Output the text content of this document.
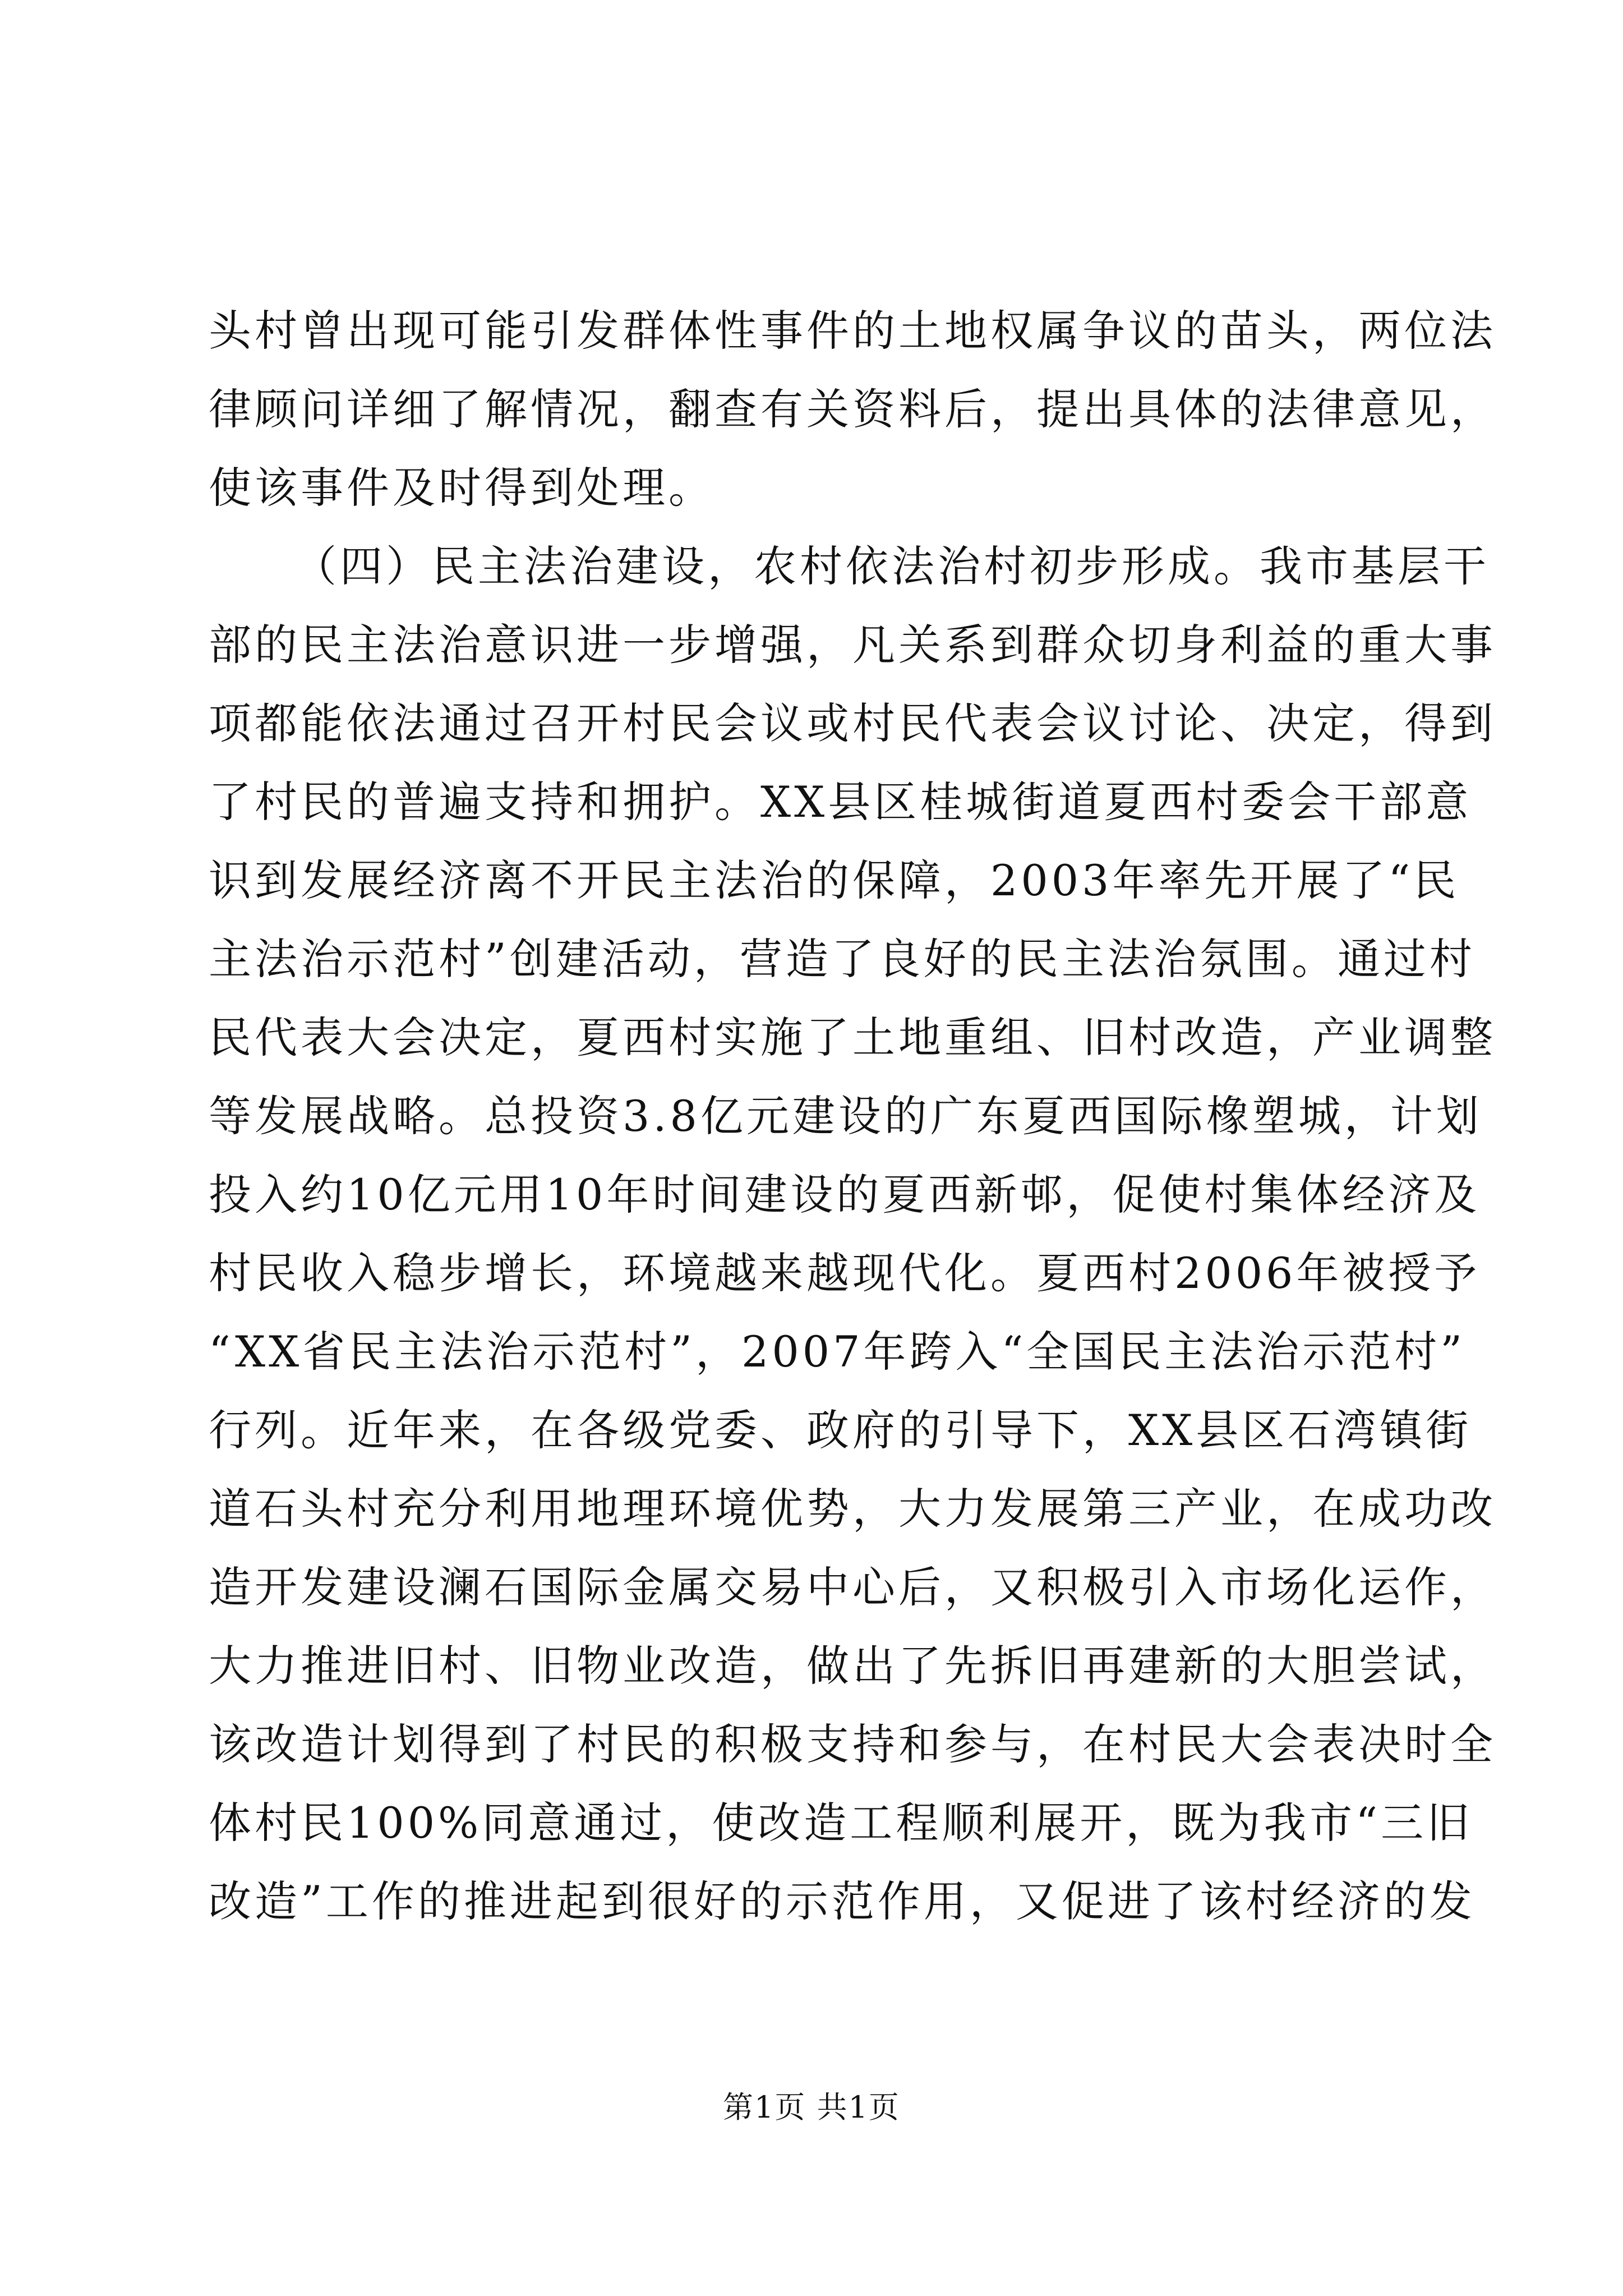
头村曾出现可能引发群体性事件的土地权属争议的苗头，两位法
律顾问详细了解情况，翻查有关资料后，提出具体的法律意见，
使该事件及时得到处理。
（四）民主法治建设，农村依法治村初步形成。我市基层干
部的民主法治意识进一步增强，凡关系到群众切身利益的重大事
项都能依法通过召开村民会议或村民代表会议讨论、决定，得到
了村民的普遍支持和拥护。XX县区桂城街道夏西村委会干部意
识到发展经济离不开民主法治的保障，2003年率先开展了“民
主法治示范村”创建活动，营造了良好的民主法治氛围。通过村
民代表大会决定，夏西村实施了土地重组、旧村改造，产业调整
等发展战略。总投资3.8亿元建设的广东夏西国际橡塑城，计划
投入约10亿元用10年时间建设的夏西新邨，促使村集体经济及
村民收入稳步增长，环境越来越现代化。夏西村2006年被授予
“XX省民主法治示范村”，2007年跨入“全国民主法治示范村”
行列。近年来，在各级党委、政府的引导下，XX县区石湾镇街
道石头村充分利用地理环境优势，大力发展第三产业，在成功改
造开发建设澜石国际金属交易中心后，又积极引入市场化运作，
大力推进旧村、旧物业改造，做出了先拆旧再建新的大胆尝试，
该改造计划得到了村民的积极支持和参与，在村民大会表决时全
体村民100%同意通过，使改造工程顺利展开，既为我市“三旧
改造”工作的推进起到很好的示范作用，又促进了该村经济的发
第1页 共1页
